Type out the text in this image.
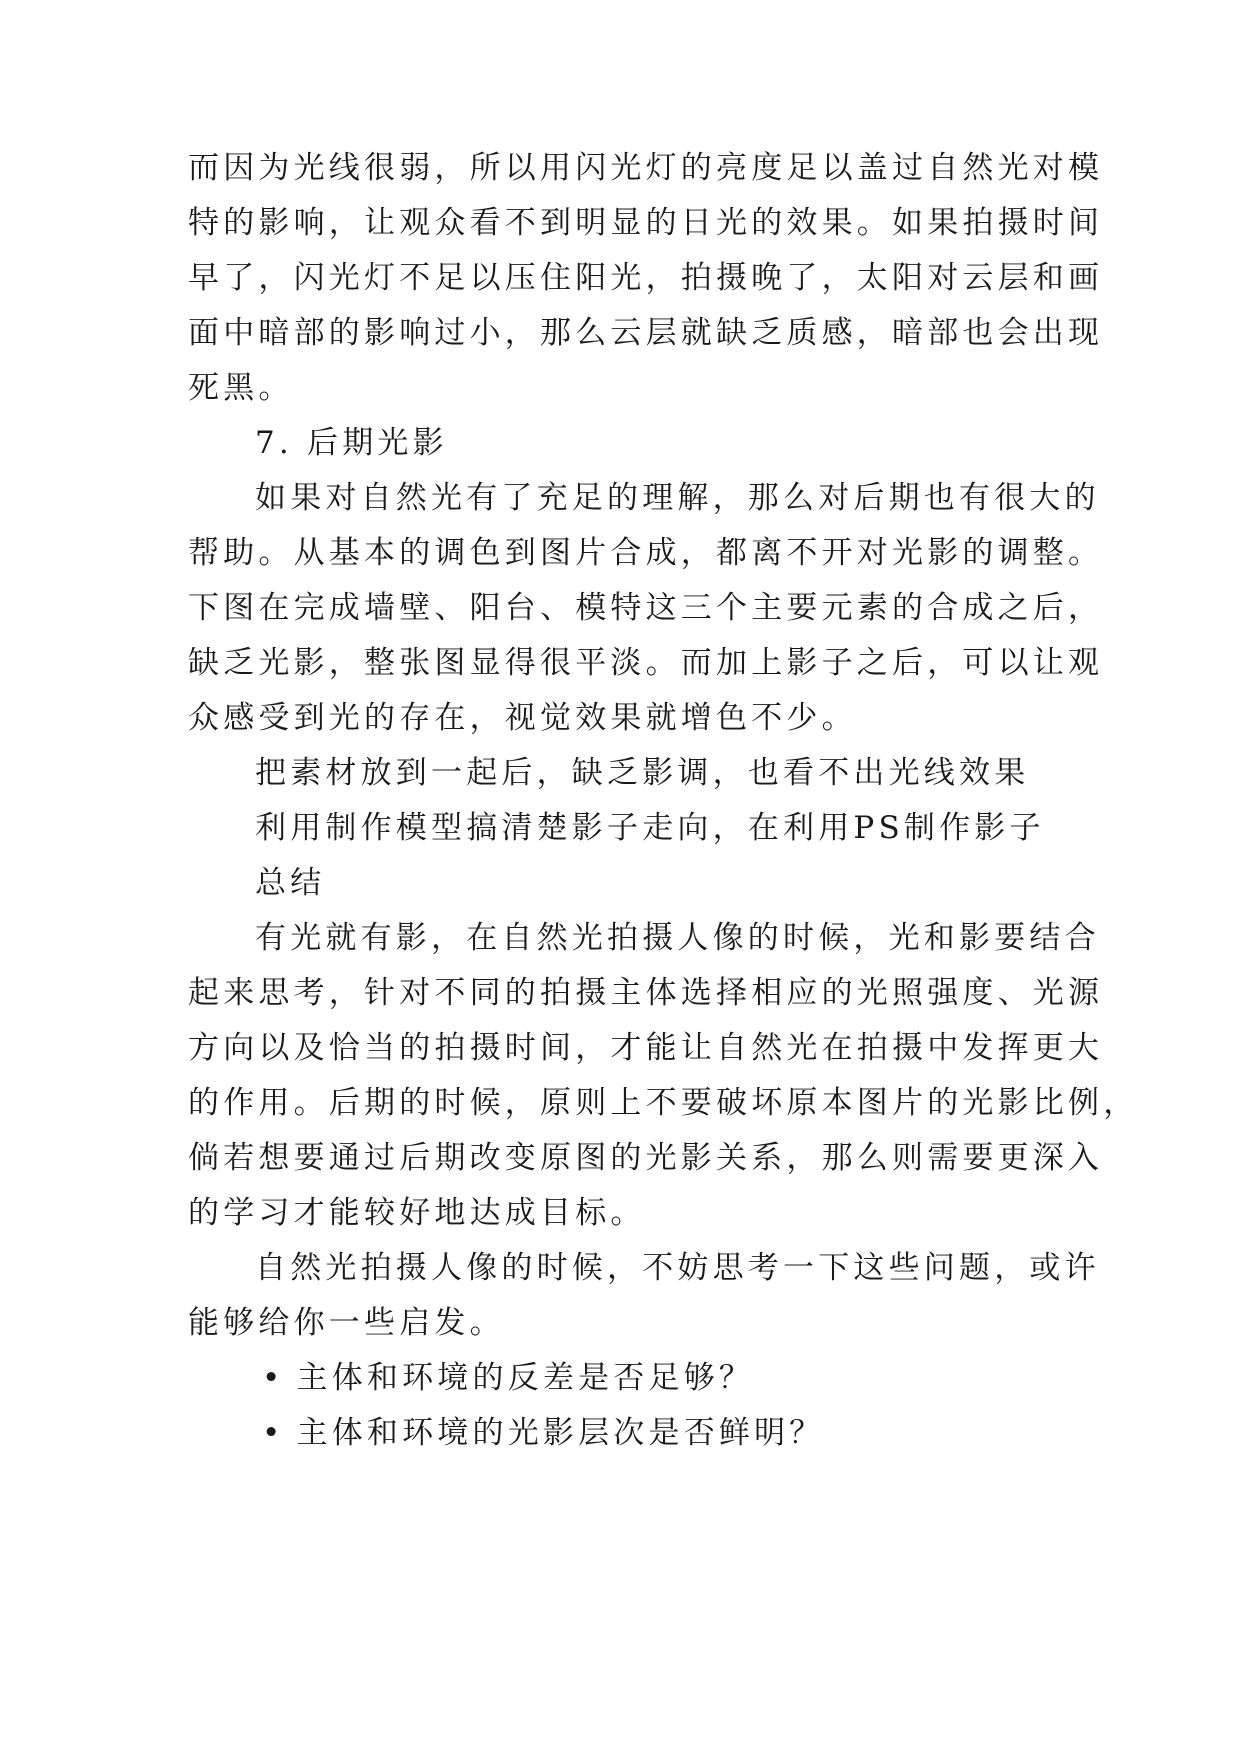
而因为光线很弱，所以用闪光灯的亮度足以盖过自然光对模

特的影响，让观众看不到明显的日光的效果。如果拍摄时间

早了，闪光灯不足以压住阳光，拍摄晚了，太阳对云层和画

面中暗部的影响过小，那么云层就缺乏质感，暗部也会出现

死黑。

7. 后期光影

如果对自然光有了充足的理解，那么对后期也有很大的

帮助。从基本的调色到图片合成，都离不开对光影的调整。

下图在完成墙壁、阳台、模特这三个主要元素的合成之后，

缺乏光影，整张图显得很平淡。而加上影子之后，可以让观

众感受到光的存在，视觉效果就增色不少。

把素材放到一起后，缺乏影调，也看不出光线效果

利用制作模型搞清楚影子走向，在利用PS制作影子

总结

有光就有影，在自然光拍摄人像的时候，光和影要结合

起来思考，针对不同的拍摄主体选择相应的光照强度、光源

方向以及恰当的拍摄时间，才能让自然光在拍摄中发挥更大

的作用。后期的时候，原则上不要破坏原本图片的光影比例，

倘若想要通过后期改变原图的光影关系，那么则需要更深入

的学习才能较好地达成目标。

自然光拍摄人像的时候，不妨思考一下这些问题，或许

能够给你一些启发。

• 主体和环境的反差是否足够？

• 主体和环境的光影层次是否鲜明？
